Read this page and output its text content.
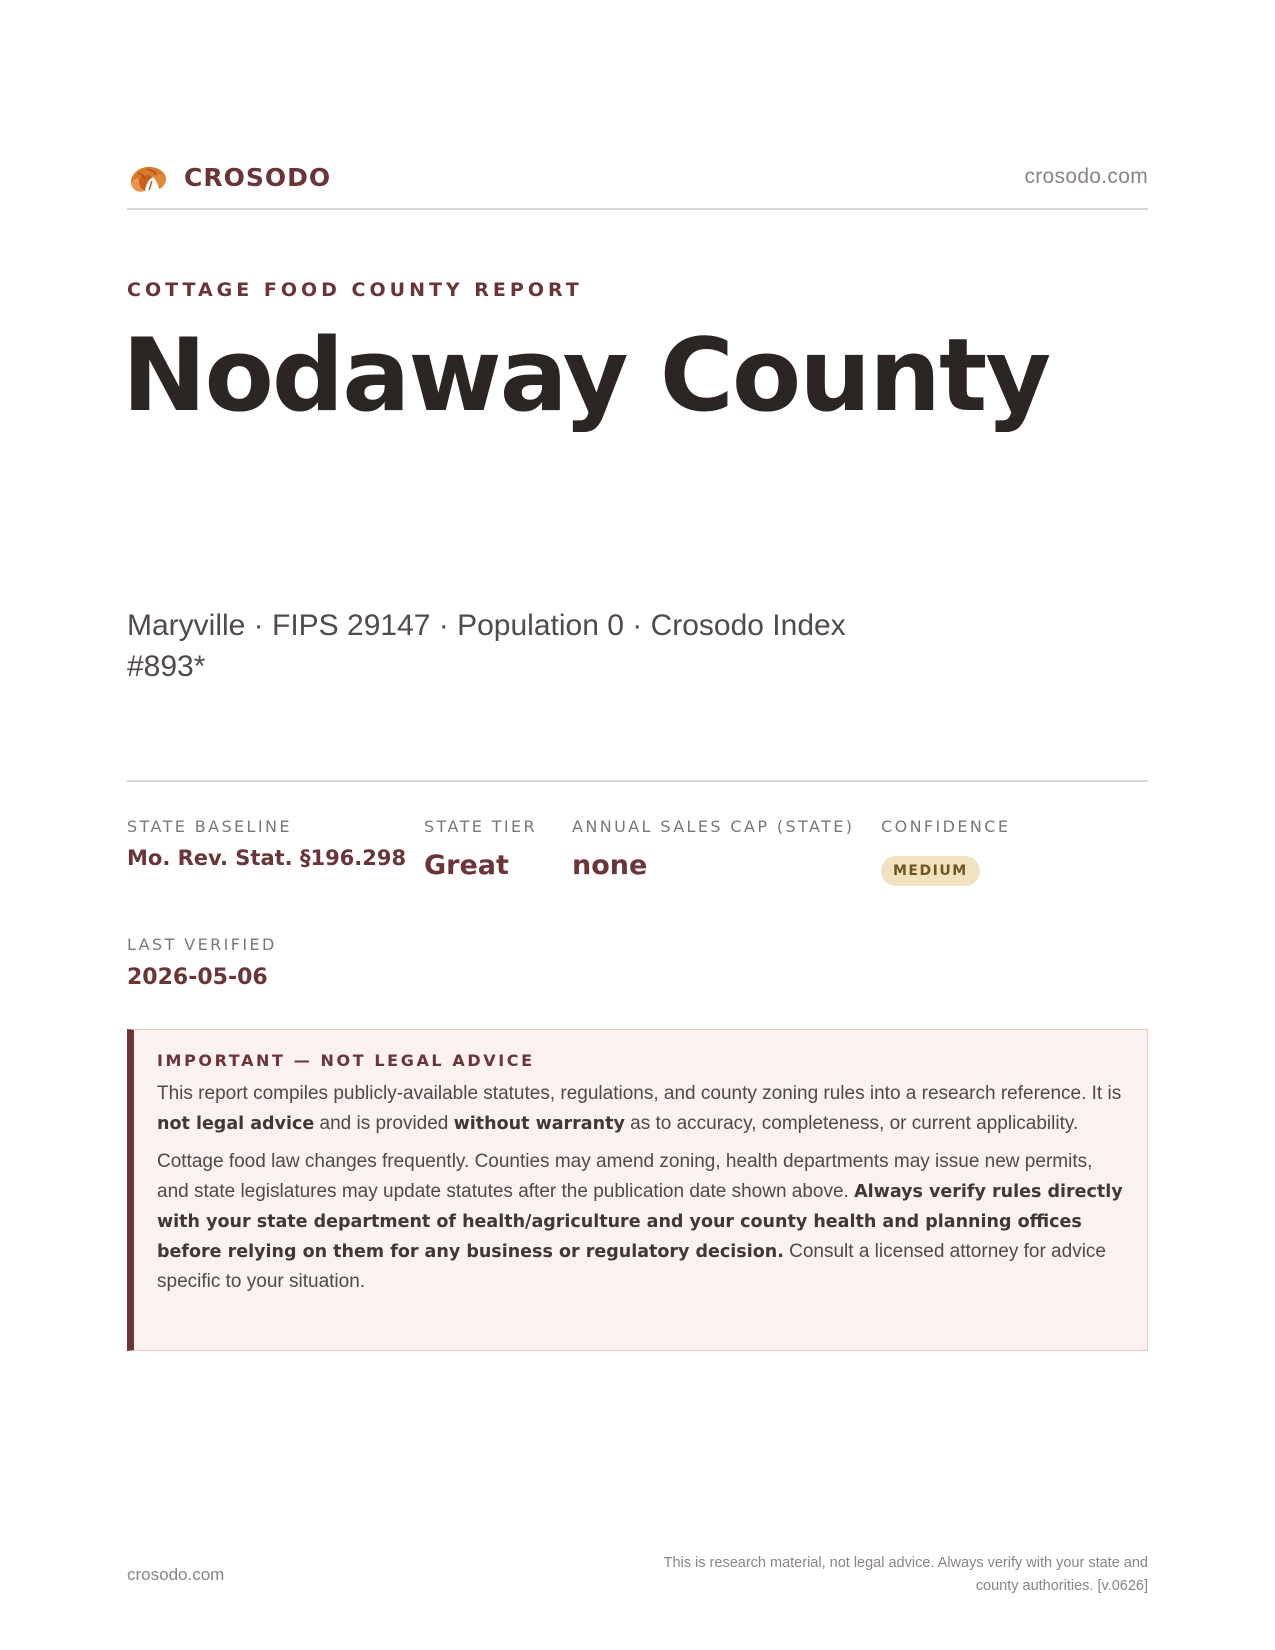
CROSODO	crosodo.com
COTTAGE FOOD COUNTY REPORT
Nodaway County
Maryville · FIPS 29147 · Population 0 · Crosodo Index #893*
STATE BASELINE
Mo. Rev. Stat. §196.298
STATE TIER
Great
ANNUAL SALES CAP (STATE)
none
CONFIDENCE
MEDIUM
LAST VERIFIED
2026-05-06
IMPORTANT — NOT LEGAL ADVICE

This report compiles publicly-available statutes, regulations, and county zoning rules into a research reference. It is not legal advice and is provided without warranty as to accuracy, completeness, or current applicability.

Cottage food law changes frequently. Counties may amend zoning, health departments may issue new permits, and state legislatures may update statutes after the publication date shown above. Always verify rules directly with your state department of health/agriculture and your county health and planning offices before relying on them for any business or regulatory decision. Consult a licensed attorney for advice specific to your situation.

crosodo.com
This is research material, not legal advice. Always verify with your state and county authorities. [v.0626]
